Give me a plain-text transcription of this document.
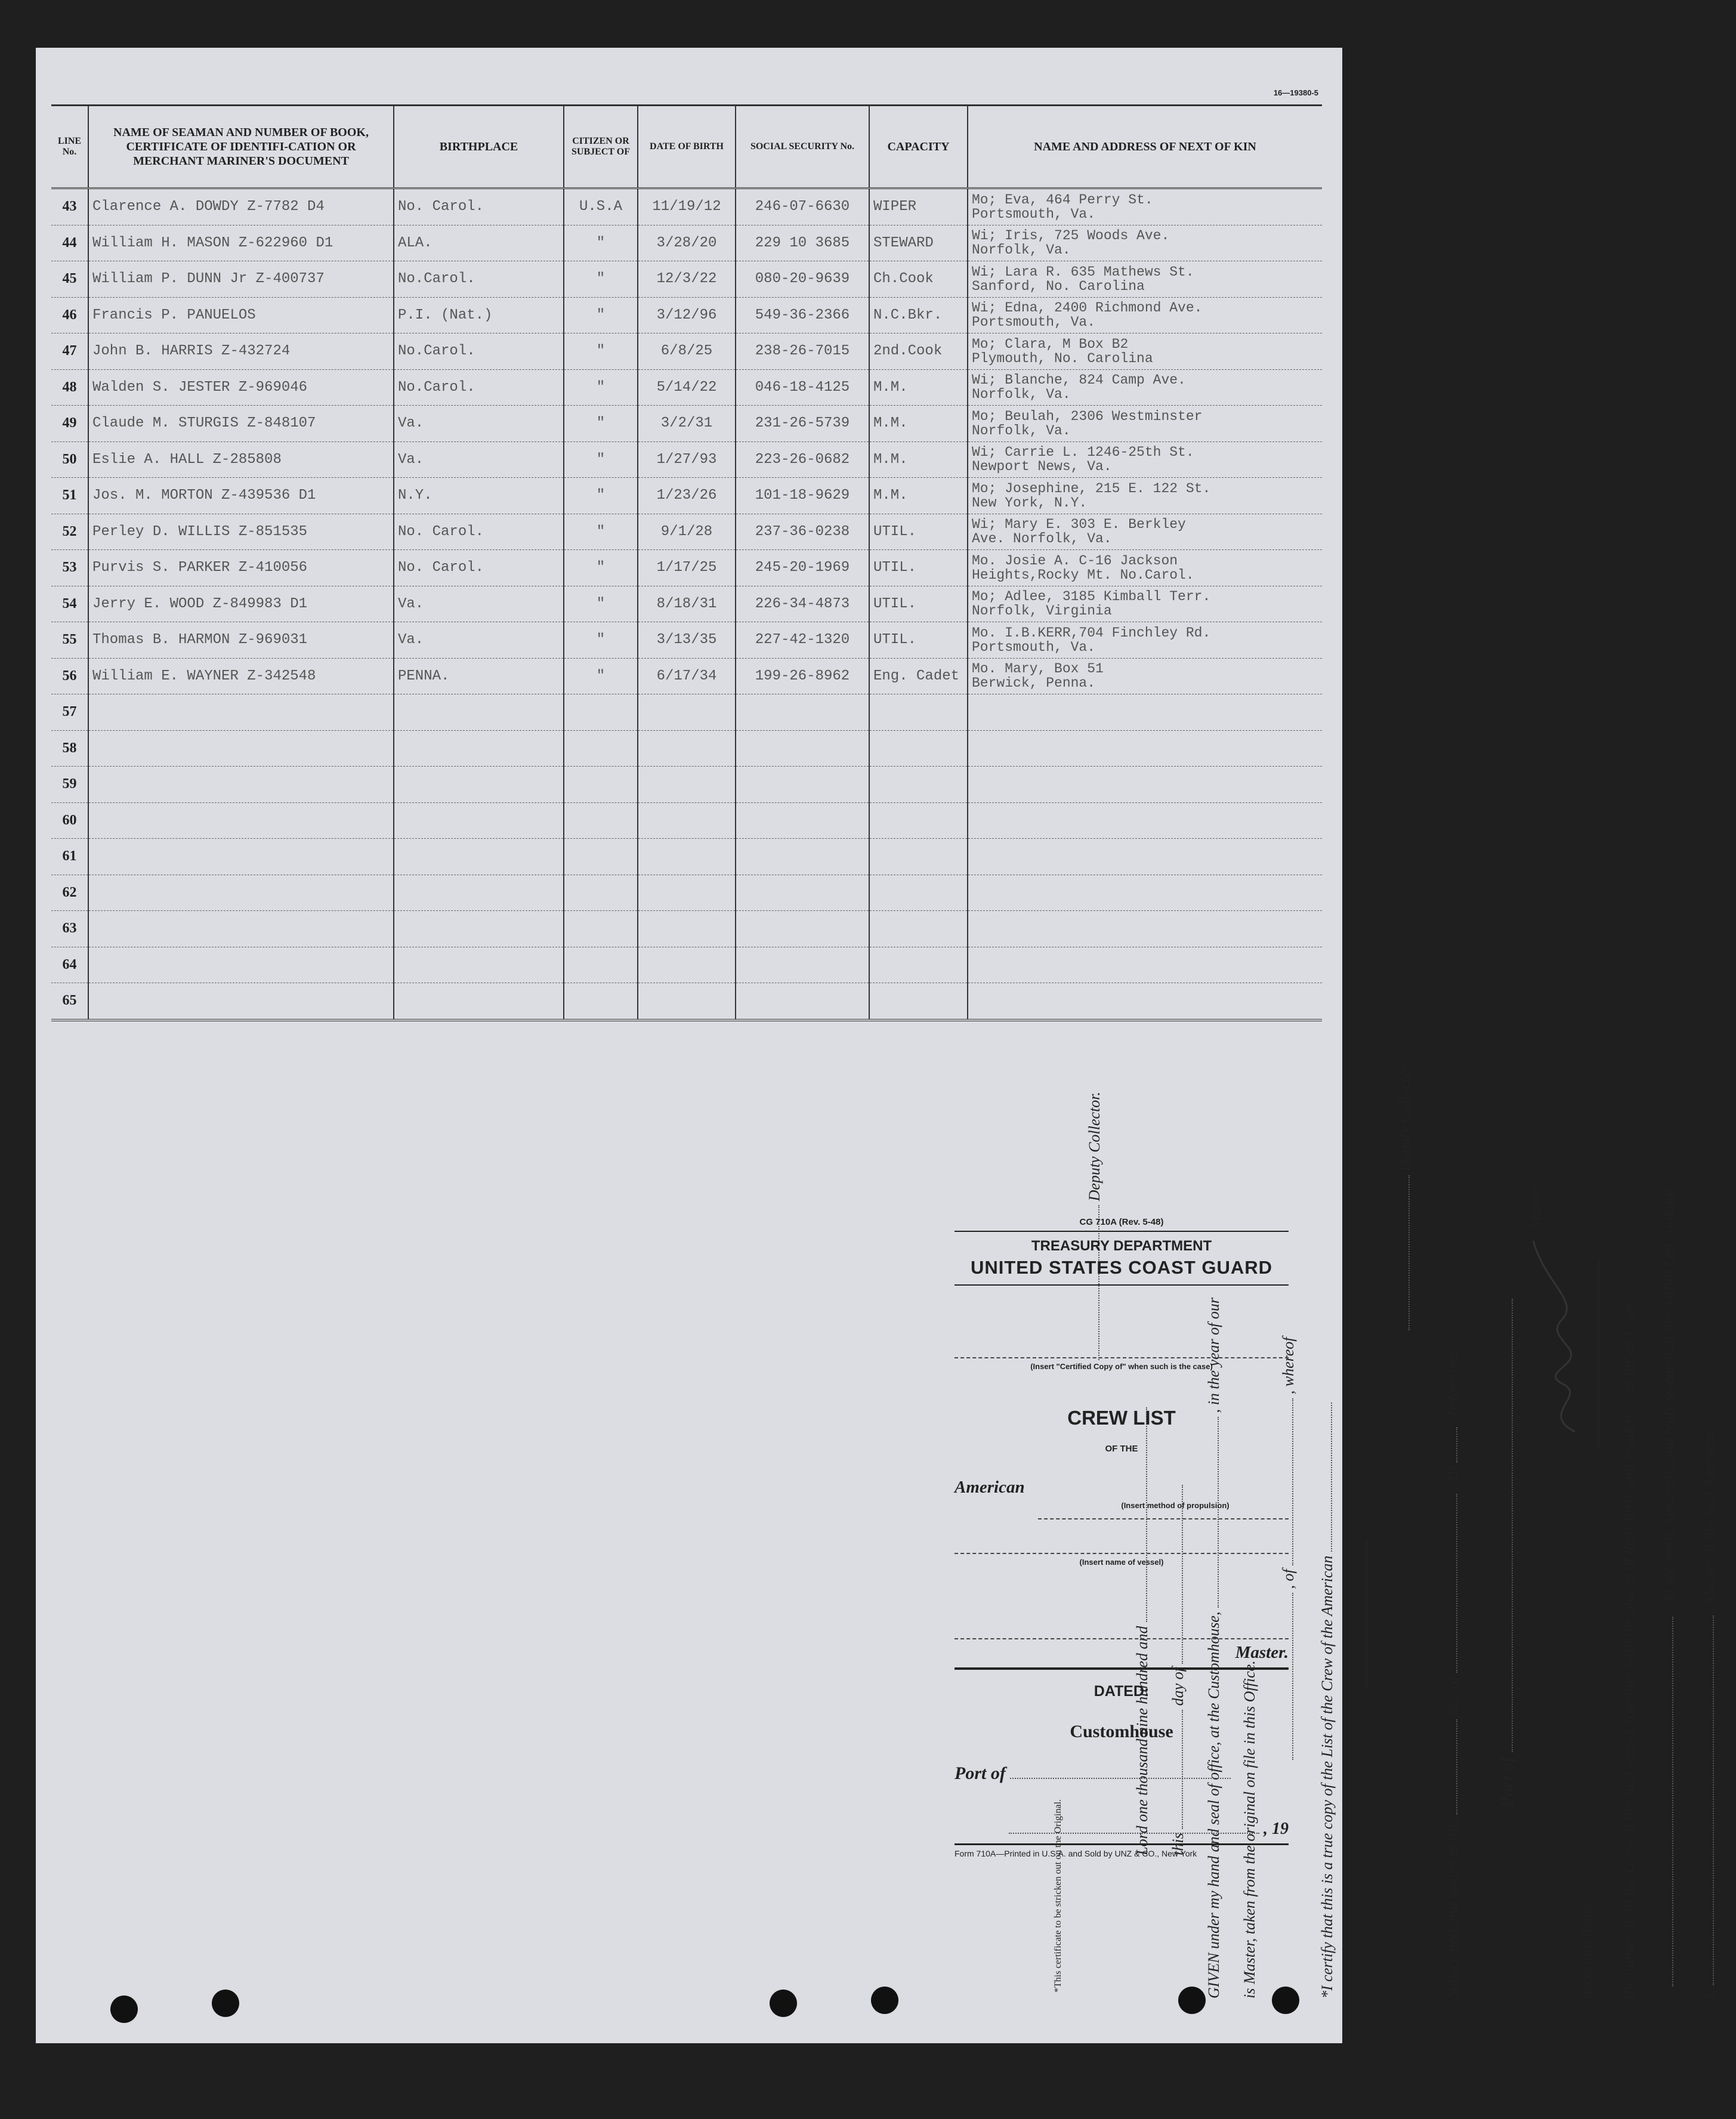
16—19380-5
LINE No.	NAME OF SEAMAN AND NUMBER OF BOOK, CERTIFICATE OF IDENTIFI-CATION OR MERCHANT MARINER'S DOCUMENT	BIRTHPLACE	CITIZEN OR SUBJECT OF	DATE OF BIRTH	SOCIAL SECURITY No.	CAPACITY	NAME AND ADDRESS OF NEXT OF KIN
43	Clarence A. DOWDY Z-7782 D4	No. Carol.	U.S.A	11/19/12	246-07-6630	WIPER	Mo; Eva, 464 Perry St.
Portsmouth, Va.

44	William H. MASON Z-622960 D1	ALA.	"	3/28/20	229 10 3685	STEWARD	Wi; Iris, 725 Woods Ave.
Norfolk, Va.

45	William P. DUNN Jr Z-400737	No.Carol.	"	12/3/22	080-20-9639	Ch.Cook	Wi; Lara R. 635 Mathews St.
Sanford, No. Carolina

46	Francis P. PANUELOS	P.I. (Nat.)	"	3/12/96	549-36-2366	N.C.Bkr.	Wi; Edna, 2400 Richmond Ave.
Portsmouth, Va.

47	John B. HARRIS Z-432724	No.Carol.	"	6/8/25	238-26-7015	2nd.Cook	Mo; Clara, M Box B2
Plymouth, No. Carolina

48	Walden S. JESTER Z-969046	No.Carol.	"	5/14/22	046-18-4125	M.M.	Wi; Blanche, 824 Camp Ave.
Norfolk, Va.

49	Claude M. STURGIS Z-848107	Va.	"	3/2/31	231-26-5739	M.M.	Mo; Beulah, 2306 Westminster
Norfolk, Va.

50	Eslie A. HALL Z-285808	Va.	"	1/27/93	223-26-0682	M.M.	Wi; Carrie L. 1246-25th St.
Newport News, Va.

51	Jos. M. MORTON Z-439536 D1	N.Y.	"	1/23/26	101-18-9629	M.M.	Mo; Josephine, 215 E. 122 St.
New York, N.Y.

52	Perley D. WILLIS Z-851535	No. Carol.	"	9/1/28	237-36-0238	UTIL.	Wi; Mary E. 303 E. Berkley
Ave. Norfolk, Va.

53	Purvis S. PARKER Z-410056	No. Carol.	"	1/17/25	245-20-1969	UTIL.	Mo. Josie A. C-16 Jackson
Heights,Rocky Mt. No.Carol.

54	Jerry E. WOOD Z-849983 D1	Va.	"	8/18/31	226-34-4873	UTIL.	Mo; Adlee, 3185 Kimball Terr.
Norfolk, Virginia

55	Thomas B. HARMON Z-969031	Va.	"	3/13/35	227-42-1320	UTIL.	Mo. I.B.KERR,704 Finchley Rd.
Portsmouth, Va.

56	William E. WAYNER Z-342548	PENNA.	"	6/17/34	199-26-8962	Eng. Cadet	Mo. Mary, Box 51
Berwick, Penna.

57							
58							
59							
60							
61							
62							
63							
64							
65							
I,  , Master of the said American
, do solemnly, sincerely, and truly swear that the within List contains
the names of all the Crew of the said vessel, together with the places of their birth and residence, as far as I can
ascertain them.
Master.
Port of
Subscribed and sworn to this  day of  , 19  , before me.
Deputy Collector.
*I certify that this is a true copy of the List of the Crew of the American
, of  , whereof
is Master, taken from the original on file in this Office.
GIVEN under my hand and seal of office, at the Customhouse,  , in the year of our
this  day of
Lord one thousand nine hundred and
Deputy Collector.
*This certificate to be stricken out on the Original.
CG 710A (Rev. 5-48)
TREASURY DEPARTMENT
UNITED STATES COAST GUARD
(Insert "Certified Copy of" when such is the case)
CREW LIST
OF THE
American
(Insert method of propulsion)
(Insert name of vessel)
Master.
DATED:
Customhouse
Port of
, 19
Form 710A—Printed in U.S.A. and Sold by UNZ & CO., New York
